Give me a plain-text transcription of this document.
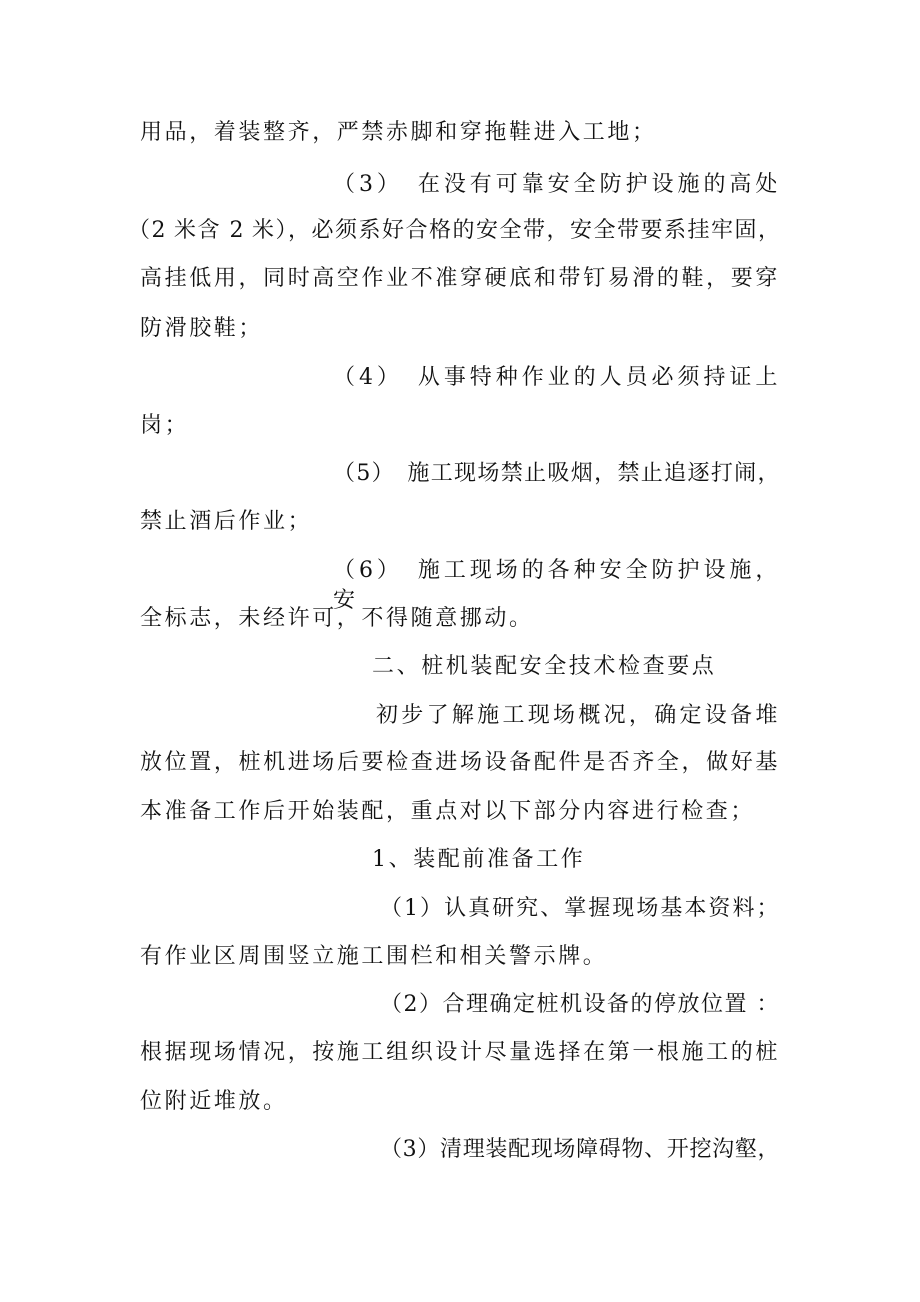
用品，着装整齐，严禁赤脚和穿拖鞋进入工地；
（3）　在没有可靠安全防护设施的高处
（2 米含 2 米），必须系好合格的安全带，安全带要系挂牢固，
高挂低用，同时高空作业不准穿硬底和带钉易滑的鞋，要穿
防滑胶鞋；
（4）　从事特种作业的人员必须持证上
岗；
（5）　施工现场禁止吸烟，禁止追逐打闹，
禁止酒后作业；
（6）　施工现场的各种安全防护设施，安
全标志，未经许可，不得随意挪动。
二、桩机装配安全技术检查要点
初步了解施工现场概况，确定设备堆
放位置，桩机进场后要检查进场设备配件是否齐全，做好基
本准备工作后开始装配，重点对以下部分内容进行检查；
1、装配前准备工作
（1）认真研究、掌握现场基本资料；
有作业区周围竖立施工围栏和相关警示牌。
（2）合理确定桩机设备的停放位置 ：
根据现场情况，按施工组织设计尽量选择在第一根施工的桩
位附近堆放。
（3）清理装配现场障碍物、开挖沟壑，
